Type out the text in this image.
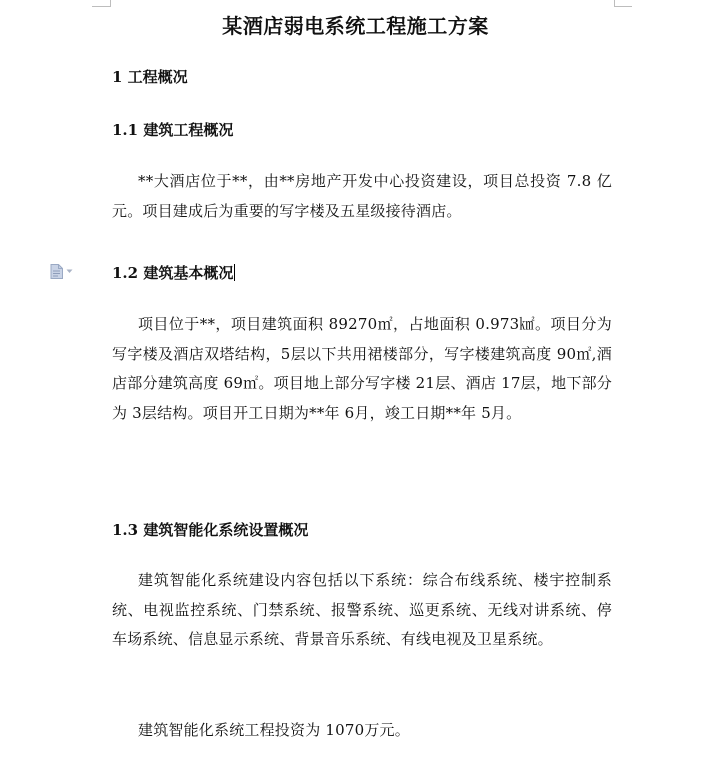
某酒店弱电系统工程施工方案
1 工程概况
1.1 建筑工程概况

**大酒店位于**，由**房地产开发中心投资建设，项目总投资 7.8 亿元。项目建成后为重要的写字楼及五星级接待酒店。

1.2 建筑基本概况

项目位于**，项目建筑面积 89270㎡，占地面积 0.973㎢。项目分为写字楼及酒店双塔结构，5层以下共用裙楼部分，写字楼建筑高度 90㎡,酒店部分建筑高度 69㎡。项目地上部分写字楼 21层、酒店 17层，地下部分为 3层结构。项目开工日期为**年 6月，竣工日期**年 5月。

1.3 建筑智能化系统设置概况

建筑智能化系统建设内容包括以下系统：综合布线系统、楼宇控制系统、电视监控系统、门禁系统、报警系统、巡更系统、无线对讲系统、停车场系统、信息显示系统、背景音乐系统、有线电视及卫星系统。

建筑智能化系统工程投资为 1070万元。
